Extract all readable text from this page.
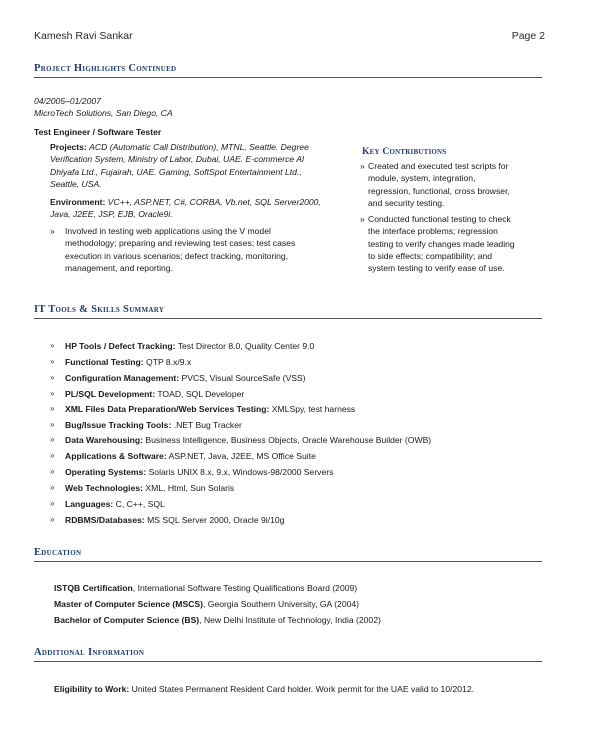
Kamesh Ravi Sankar	Page 2
Project Highlights Continued
04/2005–01/2007
MicroTech Solutions, San Diego, CA
Test Engineer / Software Tester
Projects: ACD (Automatic Call Distribution), MTNL, Seattle. Degree
Verification System, Ministry of Labor, Dubai, UAE. E-commerce Al
Dhiyafa Ltd., Fujairah, UAE. Gaming, SoftSpot Entertainment Ltd.,
Seattle, USA.
Environment: VC++, ASP.NET, C#, CORBA, Vb.net, SQL Server2000,
Java, J2EE, JSP, EJB, Oracle9i.
» Involved in testing web applications using the V model
methodology; preparing and reviewing test cases; test cases
execution in various scenarios; defect tracking, monitoring,
management, and reporting.
Key Contributions
» Created and executed test scripts for
module, system, integration,
regression, functional, cross browser,
and security testing.
» Conducted functional testing to check
the interface problems; regression
testing to verify changes made leading
to side effects; compatibility; and
system testing to verify ease of use.
IT Tools & Skills Summary
» HP Tools / Defect Tracking: Test Director 8.0, Quality Center 9.0
» Functional Testing: QTP 8.x/9.x
» Configuration Management: PVCS, Visual SourceSafe (VSS)
» PL/SQL Development: TOAD, SQL Developer
» XML Files Data Preparation/Web Services Testing: XMLSpy, test harness
» Bug/Issue Tracking Tools: .NET Bug Tracker
» Data Warehousing: Business Intelligence, Business Objects, Oracle Warehouse Builder (OWB)
» Applications & Software: ASP.NET, Java, J2EE, MS Office Suite
» Operating Systems: Solaris UNIX 8.x, 9.x, Windows-98/2000 Servers
» Web Technologies: XML, Html, Sun Solaris
» Languages: C, C++, SQL
» RDBMS/Databases: MS SQL Server 2000, Oracle 9i/10g
Education
ISTQB Certification, International Software Testing Qualifications Board (2009)
Master of Computer Science (MSCS), Georgia Southern University, GA (2004)
Bachelor of Computer Science (BS), New Delhi Institute of Technology, India (2002)
Additional Information
Eligibility to Work: United States Permanent Resident Card holder. Work permit for the UAE valid to 10/2012.
